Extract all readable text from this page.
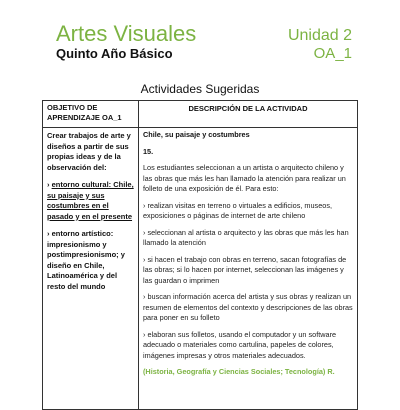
Artes Visuales
Quinto Año Básico
Unidad 2
OA_1
Actividades Sugeridas
OBJETIVO DE APRENDIZAJE OA_1
DESCRIPCIÓN DE LA ACTIVIDAD

Crear trabajos de arte y diseños a partir de sus propias ideas y de la observación del:

› entorno cultural: Chile, su paisaje y sus costumbres en el pasado y en el presente

› entorno artístico: impresionismo y postimpresionismo; y diseño en Chile, Latinoamérica y del resto del mundo

Chile, su paisaje y costumbres

15.

Los estudiantes seleccionan a un artista o arquitecto chileno y las obras que más les han llamado la atención para realizar un folleto de una exposición de él. Para esto:

› realizan visitas en terreno o virtuales a edificios, museos, exposiciones o páginas de internet de arte chileno

› seleccionan al artista o arquitecto y las obras que más les han llamado la atención

› si hacen el trabajo con obras en terreno, sacan fotografías de las obras; si lo hacen por internet, seleccionan las imágenes y las guardan o imprimen

› buscan información acerca del artista y sus obras y realizan un resumen de elementos del contexto y descripciones de las obras para poner en su folleto

› elaboran sus folletos, usando el computador y un software adecuado o materiales como cartulina, papeles de colores, imágenes impresas y otros materiales adecuados.

(Historia, Geografía y Ciencias Sociales; Tecnología) R.
